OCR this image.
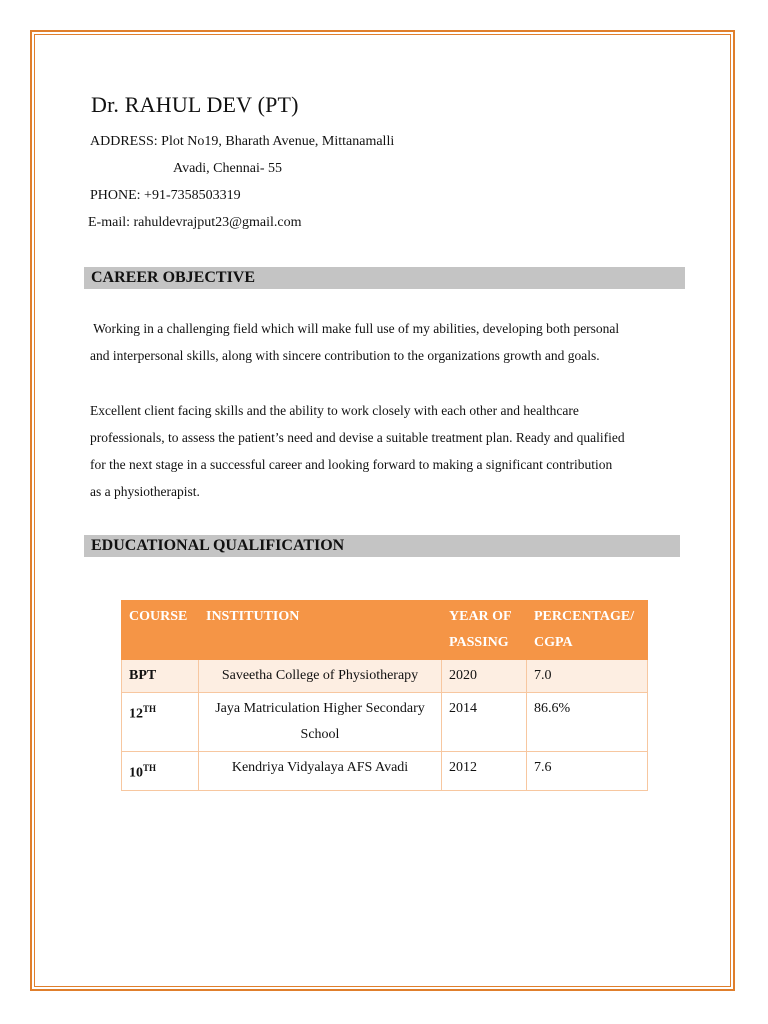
Dr. RAHUL DEV (PT)
ADDRESS: Plot No19, Bharath Avenue, Mittanamalli
Avadi, Chennai- 55
PHONE: +91-7358503319
E-mail: rahuldevrajput23@gmail.com
CAREER OBJECTIVE
Working in a challenging field which will make full use of my abilities, developing both personal
and interpersonal skills, along with sincere contribution to the organizations growth and goals.
Excellent client facing skills and the ability to work closely with each other and healthcare
professionals, to assess the patient’s need and devise a suitable treatment plan. Ready and qualified
for the next stage in a successful career and looking forward to making a significant contribution
as a physiotherapist.
EDUCATIONAL QUALIFICATION
COURSE	INSTITUTION	YEAR OF PASSING	PERCENTAGE/ CGPA
BPT	Saveetha College of Physiotherapy	2020	7.0
12TH	Jaya Matriculation Higher Secondary School	2014	86.6%
10TH	Kendriya Vidyalaya AFS Avadi	2012	7.6
